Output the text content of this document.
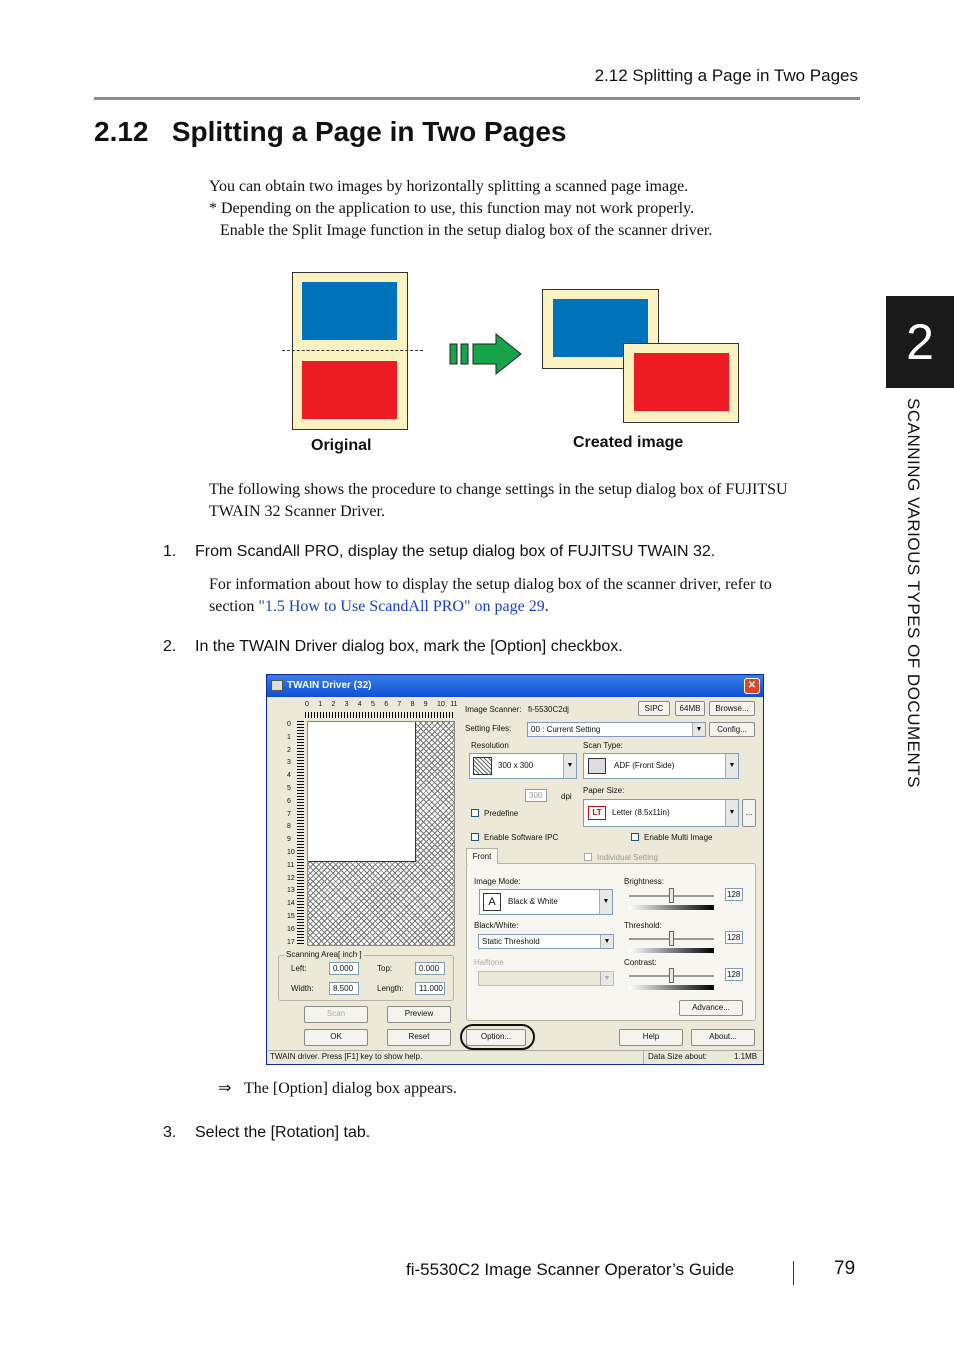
2.12 Splitting a Page in Two Pages
2.12   Splitting a Page in Two Pages
You can obtain two images by horizontally splitting a scanned page image.
* Depending on the application to use, this function may not work properly.
Enable the Split Image function in the setup dialog box of the scanner driver.
Original	Created image
The following shows the procedure to change settings in the setup dialog box of FUJITSU
TWAIN 32 Scanner Driver.
1. From ScandAll PRO, display the setup dialog box of FUJITSU TWAIN 32.
For information about how to display the setup dialog box of the scanner driver, refer to
section "1.5 How to Use ScandAll PRO" on page 29.
2. In the TWAIN Driver dialog box, mark the [Option] checkbox.
TWAIN Driver (32)	✕
0 1 2 3 4 5 6 7 8 9 10 11
0
1
2
3
4
5
6
7
8
9
10
11
12
13
14
15
16
17
Scanning Area[ inch ]
Left:	0.000	Top:	0.000
Width:	8.500	Length:	11.000
Scan	Preview
OK	Reset
Image Scanner: fi-5530C2dj	SIPC	64MB	Browse...
Setting Files:	00 : Current Setting	▼	Config...
Resolution
300 x 300	▼
300	dpi
Predefine
Scan Type:
ADF (Front Side)	▼
Paper Size:
LT	Letter (8.5x11in)	▼	...
Enable Software IPC	Enable Multi Image
Front	Individual Setting
Image Mode:
A	Black & White	▼
Black/White:
Static Threshold	▼
Halftone
▼
Brightness:
128
Threshold:
128
Contrast:
128
Advance...
Option...	Help	About...
TWAIN driver. Press [F1] key to show help.	Data Size about:	1.1MB
⇒ The [Option] dialog box appears.
3. Select the [Rotation] tab.
2
SCANNING VARIOUS TYPES OF DOCUMENTS
fi-5530C2 Image Scanner Operator’s Guide	79
